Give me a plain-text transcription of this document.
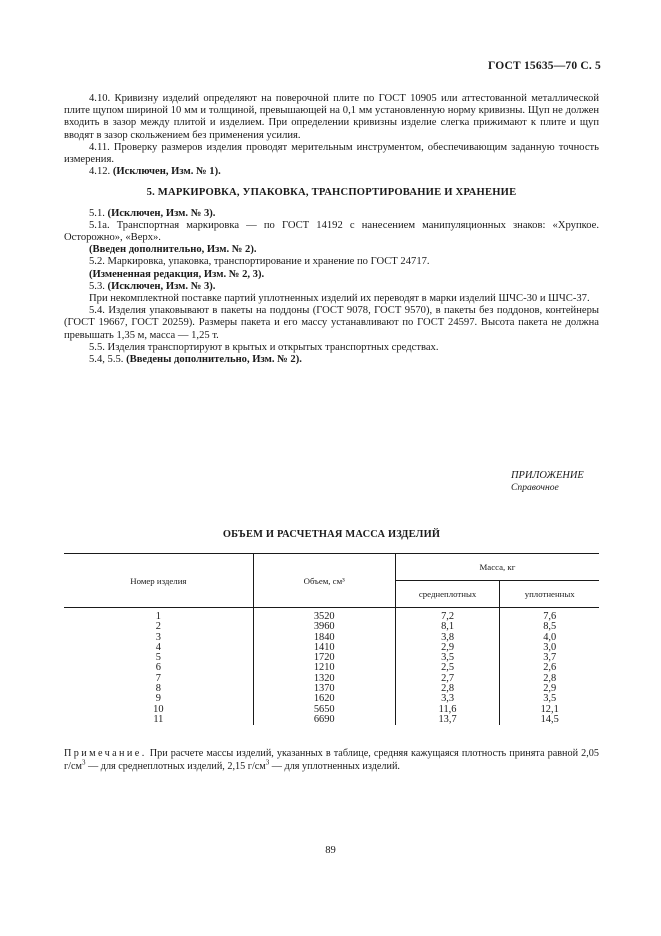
ГОСТ 15635—70 С. 5

4.10. Кривизну изделий определяют на поверочной плите по ГОСТ 10905 или аттестованной металлической плите щупом шириной 10 мм и толщиной, превышающей на 0,1 мм установленную норму кривизны. Щуп не должен входить в зазор между плитой и изделием. При определении кривизны изделие слегка прижимают к плите и щуп вводят в зазор скольжением без применения усилия.

4.11. Проверку размеров изделия проводят мерительным инструментом, обеспечивающим заданную точность измерения.

4.12. (Исключен, Изм. № 1).

5. МАРКИРОВКА, УПАКОВКА, ТРАНСПОРТИРОВАНИЕ И ХРАНЕНИЕ

5.1. (Исключен, Изм. № 3).

5.1а. Транспортная маркировка — по ГОСТ 14192 с нанесением манипуляционных знаков: «Хрупкое. Осторожно», «Верх».

(Введен дополнительно, Изм. № 2).

5.2. Маркировка, упаковка, транспортирование и хранение по ГОСТ 24717.

(Измененная редакция, Изм. № 2, 3).

5.3. (Исключен, Изм. № 3).

При некомплектной поставке партий уплотненных изделий их переводят в марки изделий ШЧС-30 и ШЧС-37.

5.4. Изделия упаковывают в пакеты на поддоны (ГОСТ 9078, ГОСТ 9570), в пакеты без поддонов, контейнеры (ГОСТ 19667, ГОСТ 20259). Размеры пакета и его массу устанавливают по ГОСТ 24597. Высота пакета не должна превышать 1,35 м, масса — 1,25 т.

5.5. Изделия транспортируют в крытых и открытых транспортных средствах.

5.4, 5.5. (Введены дополнительно, Изм. № 2).

ПРИЛОЖЕНИЕ
Справочное
ОБЪЕМ И РАСЧЕТНАЯ МАССА ИЗДЕЛИЙ
Номер изделия	Объем, см³	Масса, кг	
		среднеплотных	уплотненных
1	3520	7,2	7,6
2	3960	8,1	8,5
3	1840	3,8	4,0
4	1410	2,9	3,0
5	1720	3,5	3,7
6	1210	2,5	2,6
7	1320	2,7	2,8
8	1370	2,8	2,9
9	1620	3,3	3,5
10	5650	11,6	12,1
11	6690	13,7	14,5
Примечание. При расчете массы изделий, указанных в таблице, средняя кажущаяся плотность принята равной 2,05 $г/см^3$ — для среднеплотных изделий, 2,15 $г/см^3$ — для уплотненных изделий.
89
